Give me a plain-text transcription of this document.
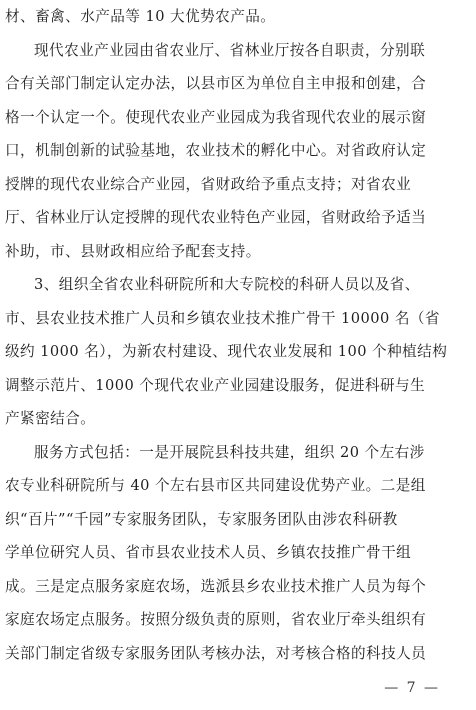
材、畜禽、水产品等 10 大优势农产品。
现代农业产业园由省农业厅、省林业厅按各自职责，分别联
合有关部门制定认定办法，以县市区为单位自主申报和创建，合
格一个认定一个。使现代农业产业园成为我省现代农业的展示窗
口，机制创新的试验基地，农业技术的孵化中心。对省政府认定
授牌的现代农业综合产业园，省财政给予重点支持；对省农业
厅、省林业厅认定授牌的现代农业特色产业园，省财政给予适当
补助，市、县财政相应给予配套支持。
3、组织全省农业科研院所和大专院校的科研人员以及省、
市、县农业技术推广人员和乡镇农业技术推广骨干 10000 名（省
级约 1000 名），为新农村建设、现代农业发展和 100 个种植结构
调整示范片、1000 个现代农业产业园建设服务，促进科研与生
产紧密结合。
服务方式包括：一是开展院县科技共建，组织 20 个左右涉
农专业科研院所与 40 个左右县市区共同建设优势产业。二是组
织“百片”“千园”专家服务团队，专家服务团队由涉农科研教
学单位研究人员、省市县农业技术人员、乡镇农技推广骨干组
成。三是定点服务家庭农场，选派县乡农业技术推广人员为每个
家庭农场定点服务。按照分级负责的原则，省农业厅牵头组织有
关部门制定省级专家服务团队考核办法，对考核合格的科技人员
— 7 —
